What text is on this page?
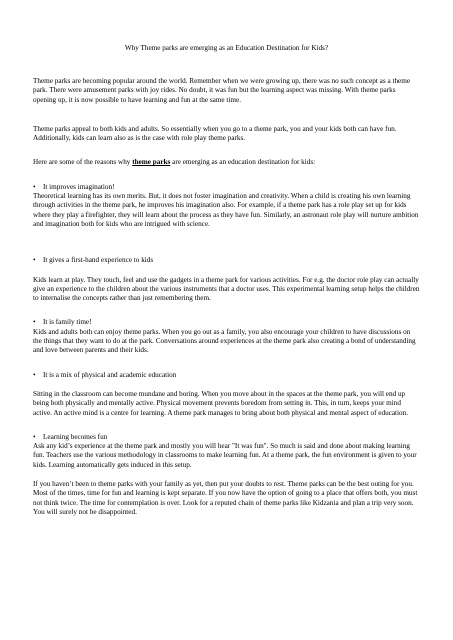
Why Theme parks are emerging as an Education Destination for Kids?

Theme parks are becoming popular around the world. Remember when we were growing up, there was no such concept as a theme park. There were amusement parks with joy rides. No doubt, it was fun but the learning aspect was missing. With theme parks opening up, it is now possible to have learning and fun at the same time.

Theme parks appeal to both kids and adults. So essentially when you go to a theme park, you and your kids both can have fun. Additionally, kids can learn also as is the case with role play theme parks.

Here are some of the reasons why theme parks are emerging as an education destination for kids:

•	It improves imagination!

Theoretical learning has its own merits. But, it does not foster imagination and creativity. When a child is creating his own learning through activities in the theme park, he improves his imagination also. For example, if a theme park has a role play set up for kids where they play a firefighter, they will learn about the process as they have fun. Similarly, an astronaut role play will nurture ambition and imagination both for kids who are intrigued with science.

•	It gives a first-hand experience to kids

Kids learn at play. They touch, feel and use the gadgets in a theme park for various activities. For e.g. the doctor role play can actually give an experience to the children about the various instruments that a doctor uses. This experimental learning setup helps the children to internalise the concepts rather than just remembering them.

•	It is family time!

Kids and adults both can enjoy theme parks. When you go out as a family, you also encourage your children to have discussions on the things that they want to do at the park. Conversations around experiences at the theme park also creating a bond of understanding and love between parents and their kids.

•	It is a mix of physical and academic education

Sitting in the classroom can become mundane and boring. When you move about in the spaces at the theme park, you will end up being both physically and mentally active. Physical movement prevents boredom from setting in. This, in turn, keeps your mind active. An active mind is a centre for learning. A theme park manages to bring about both physical and mental aspect of education.

•	Learning becomes fun

Ask any kid’s experience at the theme park and mostly you will hear "It was fun". So much is said and done about making learning fun. Teachers use the various methodology in classrooms to make learning fun. At a theme park, the fun environment is given to your kids. Learning automatically gets induced in this setup.

If you haven’t been to theme parks with your family as yet, then put your doubts to rest. Theme parks can be the best outing for you. Most of the times, time for fun and learning is kept separate. If you now have the option of going to a place that offers both, you must not think twice. The time for contemplation is over. Look for a reputed chain of theme parks like Kidzania and plan a trip very soon. You will surely not be disappointed.
